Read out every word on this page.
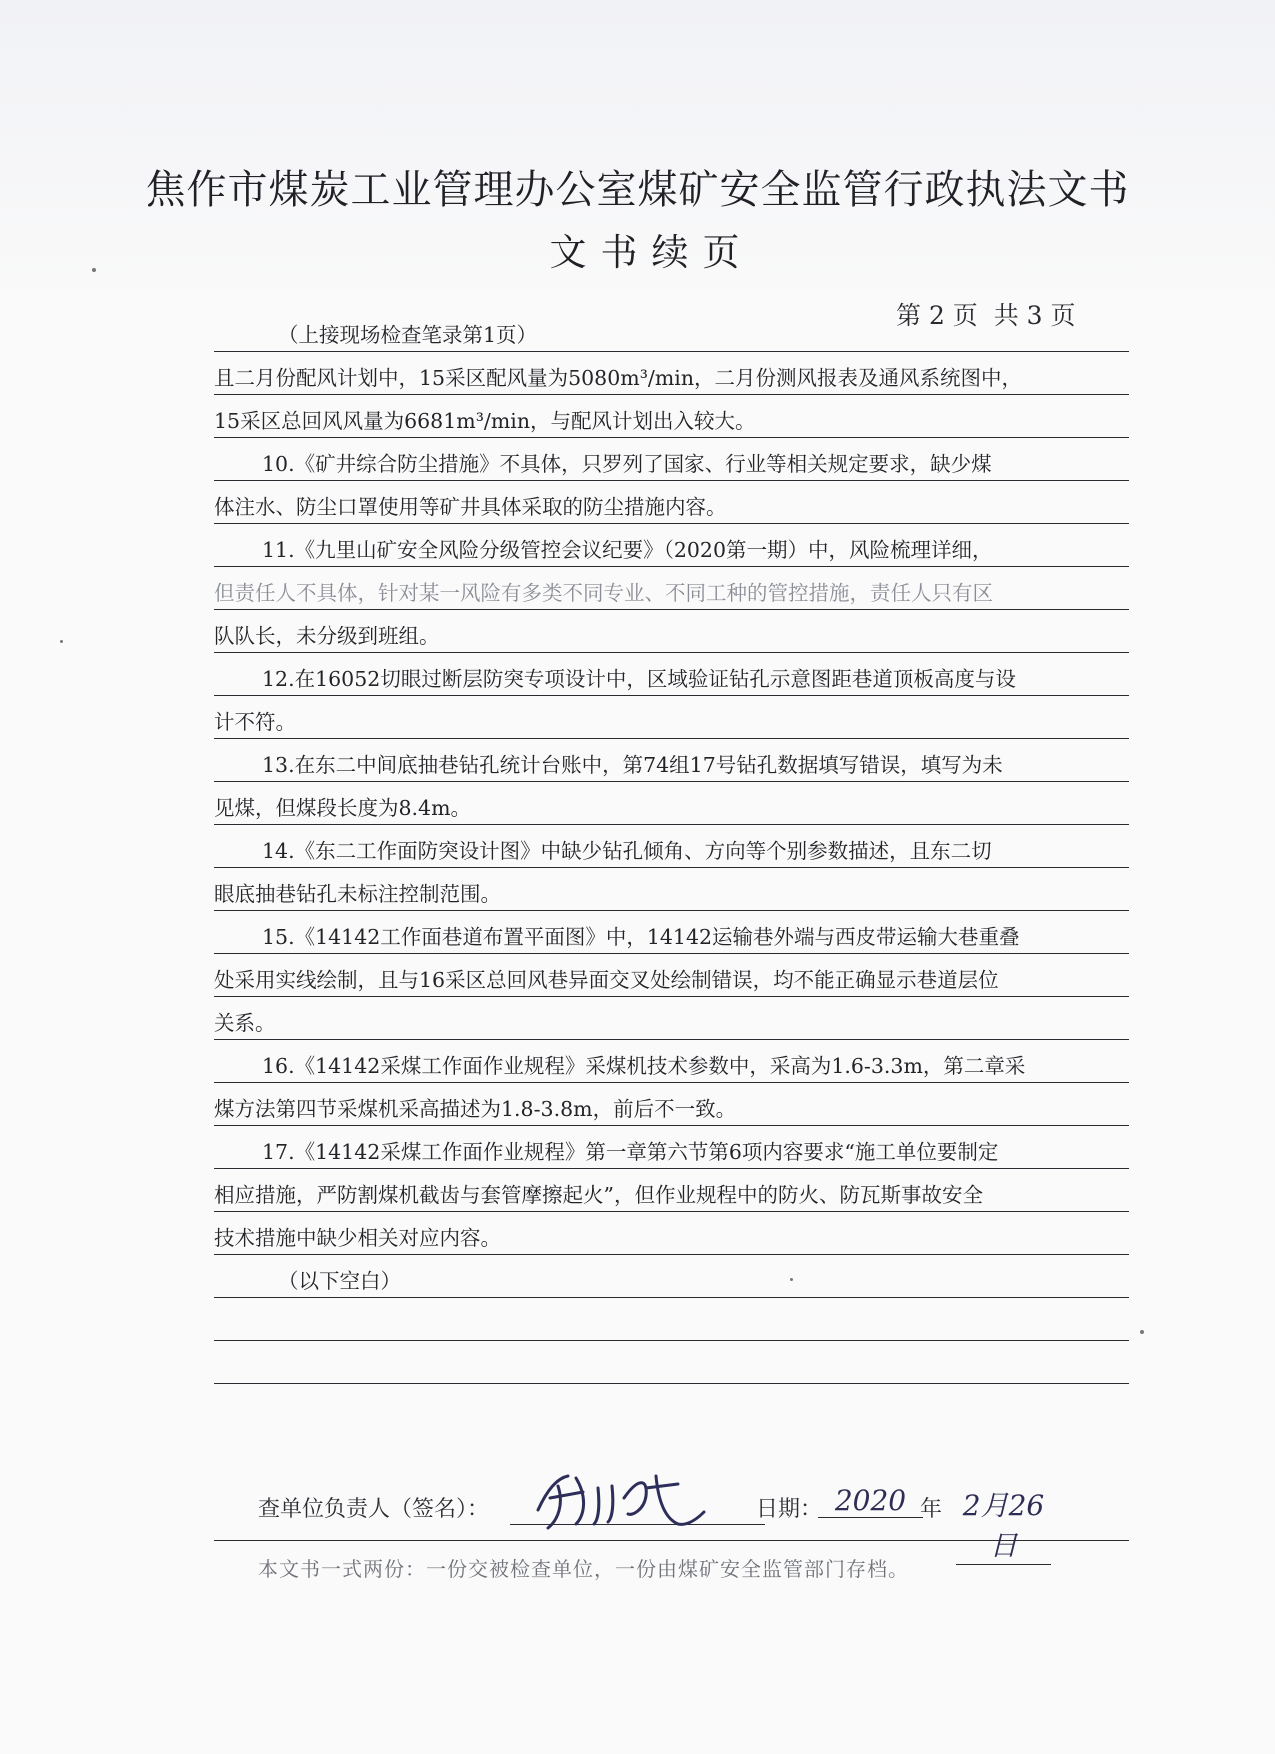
焦作市煤炭工业管理办公室煤矿安全监管行政执法文书
文书续页
第 2 页  共 3 页
（上接现场检查笔录第1页）
且二月份配风计划中，15采区配风量为5080m³/min，二月份测风报表及通风系统图中，
15采区总回风风量为6681m³/min，与配风计划出入较大。
10.《矿井综合防尘措施》不具体，只罗列了国家、行业等相关规定要求，缺少煤
体注水、防尘口罩使用等矿井具体采取的防尘措施内容。
11.《九里山矿安全风险分级管控会议纪要》（2020第一期）中，风险梳理详细，
但责任人不具体，针对某一风险有多类不同专业、不同工种的管控措施，责任人只有区
队队长，未分级到班组。
12.在16052切眼过断层防突专项设计中，区域验证钻孔示意图距巷道顶板高度与设
计不符。
13.在东二中间底抽巷钻孔统计台账中，第74组17号钻孔数据填写错误，填写为未
见煤，但煤段长度为8.4m。
14.《东二工作面防突设计图》中缺少钻孔倾角、方向等个别参数描述，且东二切
眼底抽巷钻孔未标注控制范围。
15.《14142工作面巷道布置平面图》中，14142运输巷外端与西皮带运输大巷重叠
处采用实线绘制，且与16采区总回风巷异面交叉处绘制错误，均不能正确显示巷道层位
关系。
16.《14142采煤工作面作业规程》采煤机技术参数中，采高为1.6-3.3m，第二章采
煤方法第四节采煤机采高描述为1.8-3.8m，前后不一致。
17.《14142采煤工作面作业规程》第一章第六节第6项内容要求“施工单位要制定
相应措施，严防割煤机截齿与套管摩擦起火”，但作业规程中的防火、防瓦斯事故安全
技术措施中缺少相关对应内容。
（以下空白）
查单位负责人（签名）：	日期： 2020 年 2月26日
本文书一式两份：一份交被检查单位，一份由煤矿安全监管部门存档。
